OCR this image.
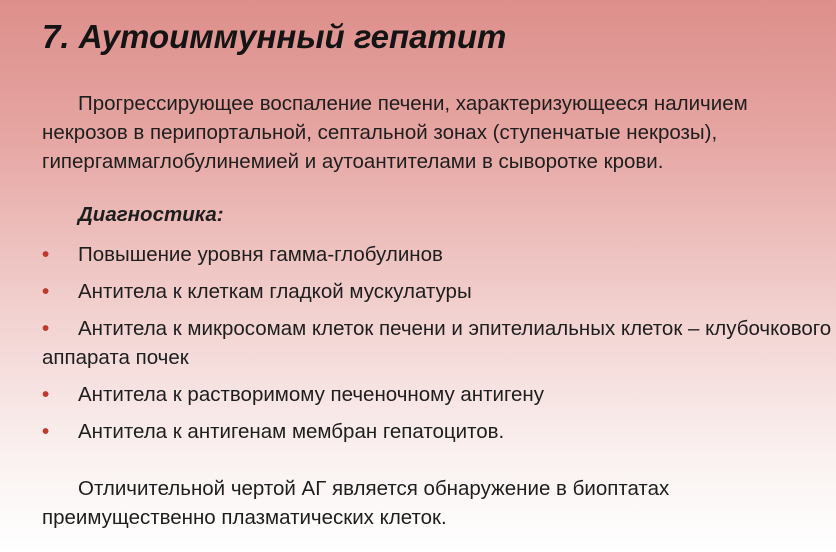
7. Аутоиммунный гепатит

Прогрессирующее воспаление печени, характеризующееся наличием некрозов в перипортальной, септальной зонах (ступенчатые некрозы), гипергаммаглобулинемией и аутоантителами в сыворотке крови.

Диагностика:

• Повышение уровня гамма-глобулинов
• Антитела к клеткам гладкой мускулатуры
• Антитела к микросомам клеток печени и эпителиальных клеток – клубочкового аппарата почек
• Антитела к растворимому печеночному антигену
• Антитела к антигенам мембран гепатоцитов.

Отличительной чертой АГ является обнаружение в биоптатах преимущественно плазматических клеток.
